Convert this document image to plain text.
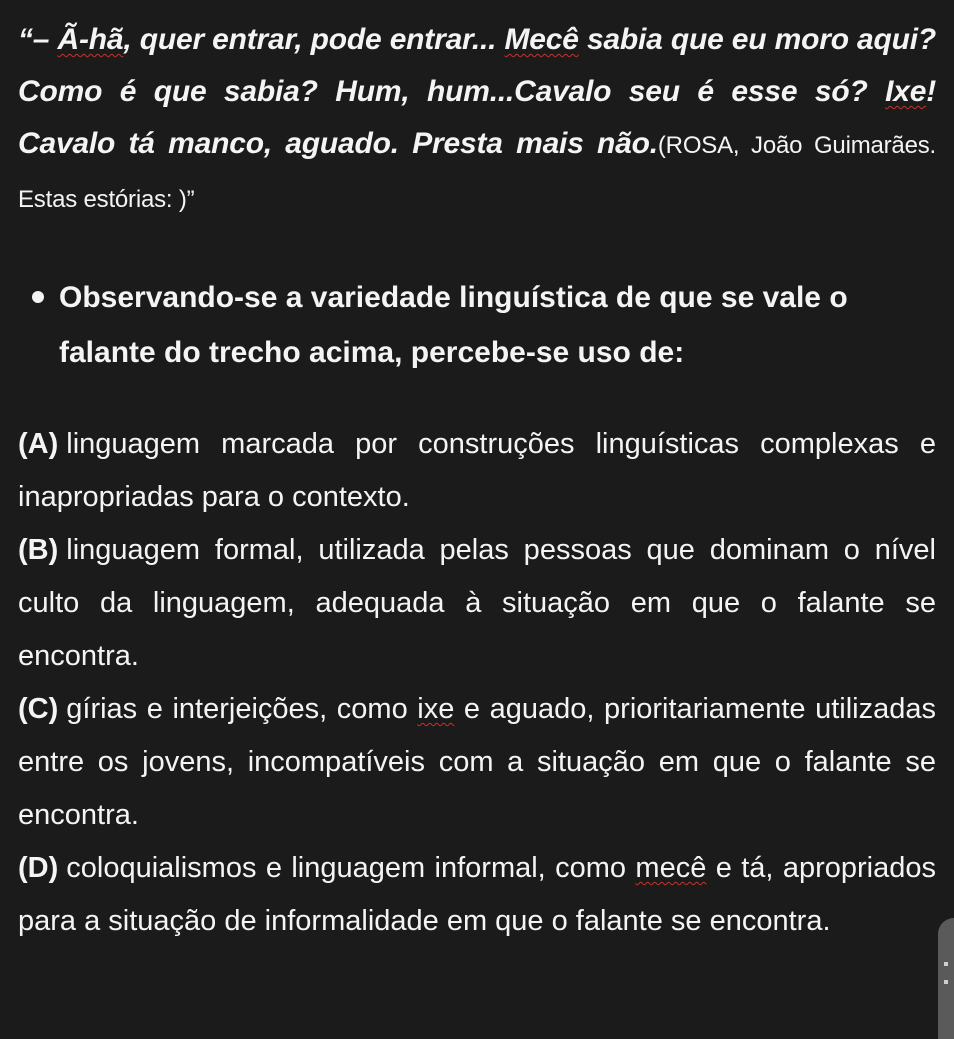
“– Ã-hã, quer entrar, pode entrar... Mecê sabia que eu moro aqui? Como é que sabia? Hum, hum...Cavalo seu é esse só? Ixe! Cavalo tá manco, aguado. Presta mais não.(ROSA, João Guimarães. Estas estórias: )”

Observando-se a variedade linguística de que se vale o falante do trecho acima, percebe-se uso de:

(A) linguagem marcada por construções linguísticas complexas e inapropriadas para o contexto.

(B) linguagem formal, utilizada pelas pessoas que dominam o nível culto da linguagem, adequada à situação em que o falante se encontra.

(C) gírias e interjeições, como ixe e aguado, prioritariamente utilizadas entre os jovens, incompatíveis com a situação em que o falante se encontra.

(D) coloquialismos e linguagem informal, como mecê e tá, apropriados para a situação de informalidade em que o falante se encontra.
